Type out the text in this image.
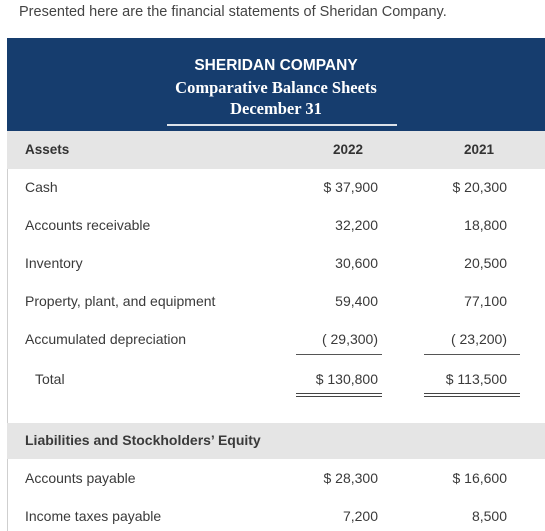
Presented here are the financial statements of Sheridan Company.
SHERIDAN COMPANY
Comparative Balance Sheets
December 31
Assets	2022	2021
Cash	$ 37,900	$ 20,300
Accounts receivable	32,200	18,800
Inventory	30,600	20,500
Property, plant, and equipment	59,400	77,100
Accumulated depreciation	( 29,300)	( 23,200)
Total	$ 130,800	$ 113,500
Liabilities and Stockholders’ Equity
Accounts payable	$ 28,300	$ 16,600
Income taxes payable	7,200	8,500
